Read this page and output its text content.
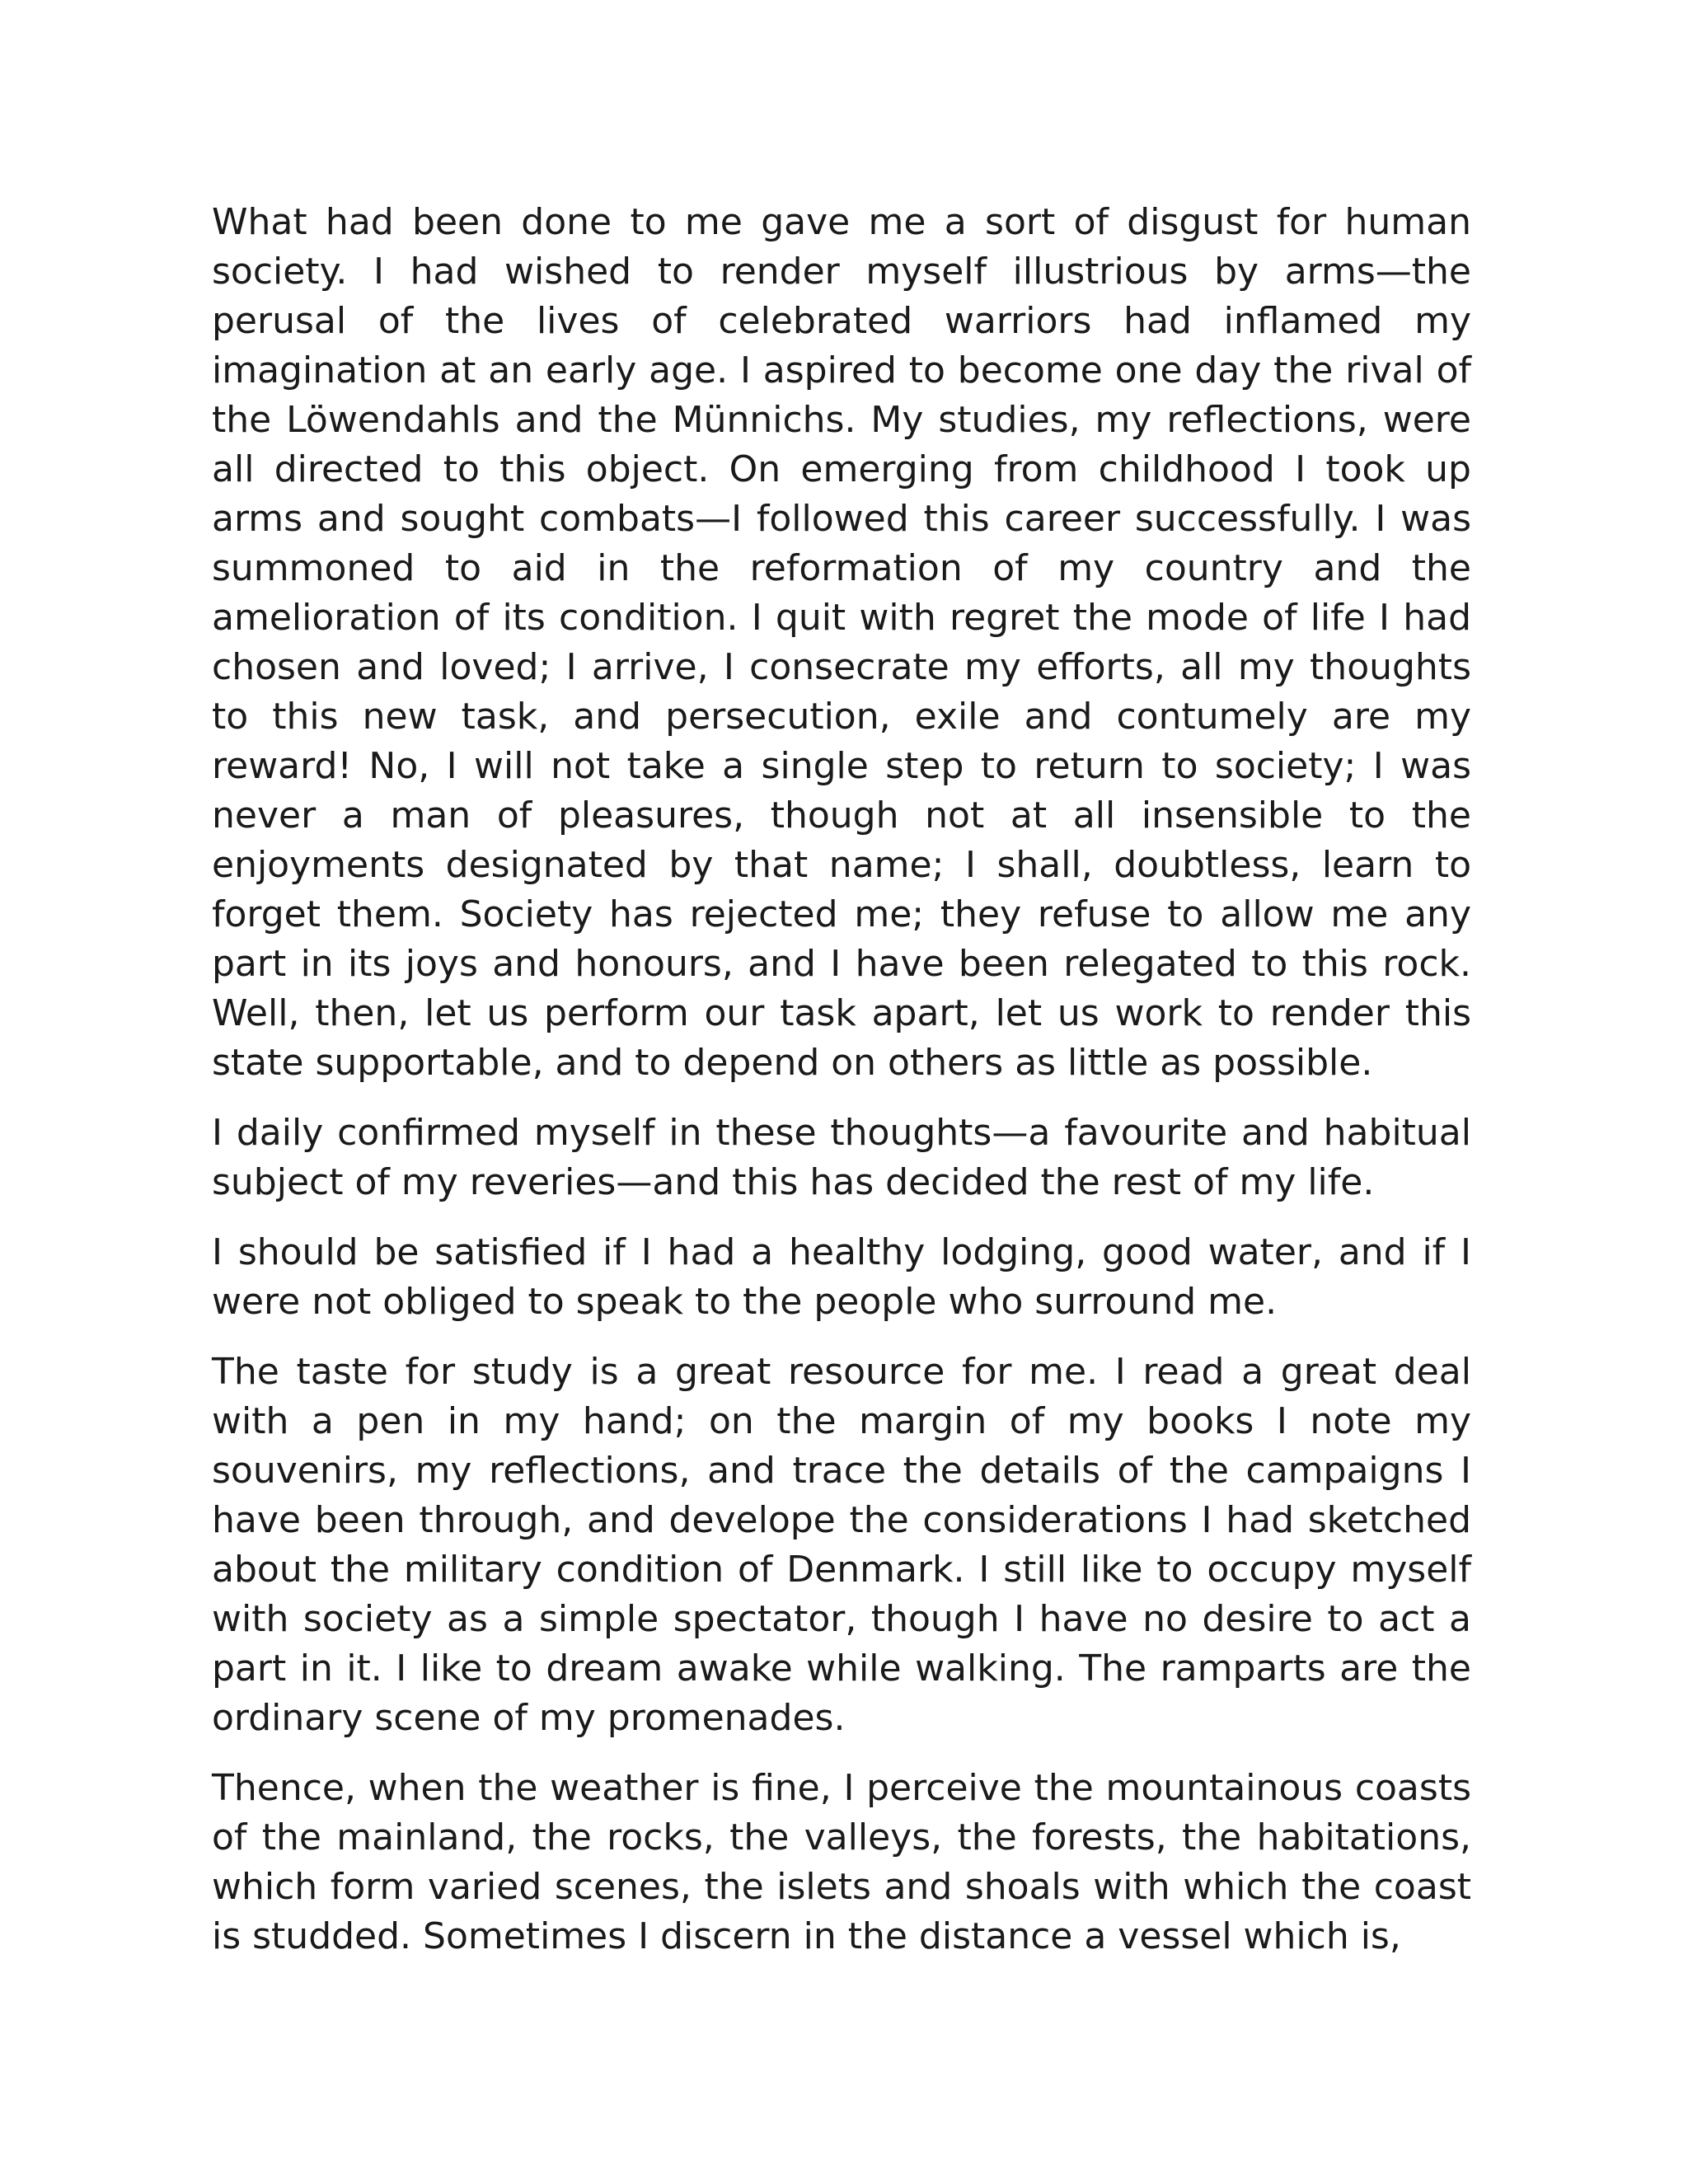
What had been done to me gave me a sort of disgust for human society. I had wished to render myself illustrious by arms—the perusal of the lives of celebrated warriors had inflamed my imagination at an early age. I aspired to become one day the rival of the Löwendahls and the Münnichs. My studies, my reflections, were all directed to this object. On emerging from childhood I took up arms and sought combats—I followed this career successfully. I was summoned to aid in the reformation of my country and the amelioration of its condition. I quit with regret the mode of life I had chosen and loved; I arrive, I consecrate my efforts, all my thoughts to this new task, and persecution, exile and contumely are my reward! No, I will not take a single step to return to society; I was never a man of pleasures, though not at all insensible to the enjoyments designated by that name; I shall, doubtless, learn to forget them. Society has rejected me; they refuse to allow me any part in its joys and honours, and I have been relegated to this rock. Well, then, let us perform our task apart, let us work to render this state supportable, and to depend on others as little as possible.

I daily confirmed myself in these thoughts—a favourite and habitual subject of my reveries—and this has decided the rest of my life.

I should be satisfied if I had a healthy lodging, good water, and if I were not obliged to speak to the people who surround me.

The taste for study is a great resource for me. I read a great deal with a pen in my hand; on the margin of my books I note my souvenirs, my reflections, and trace the details of the campaigns I have been through, and develope the considerations I had sketched about the military condition of Denmark. I still like to occupy myself with society as a simple spectator, though I have no desire to act a part in it. I like to dream awake while walking. The ramparts are the ordinary scene of my promenades.

Thence, when the weather is fine, I perceive the mountainous coasts of the mainland, the rocks, the valleys, the forests, the habitations, which form varied scenes, the islets and shoals with which the coast is studded. Sometimes I discern in the distance a vessel which is,
